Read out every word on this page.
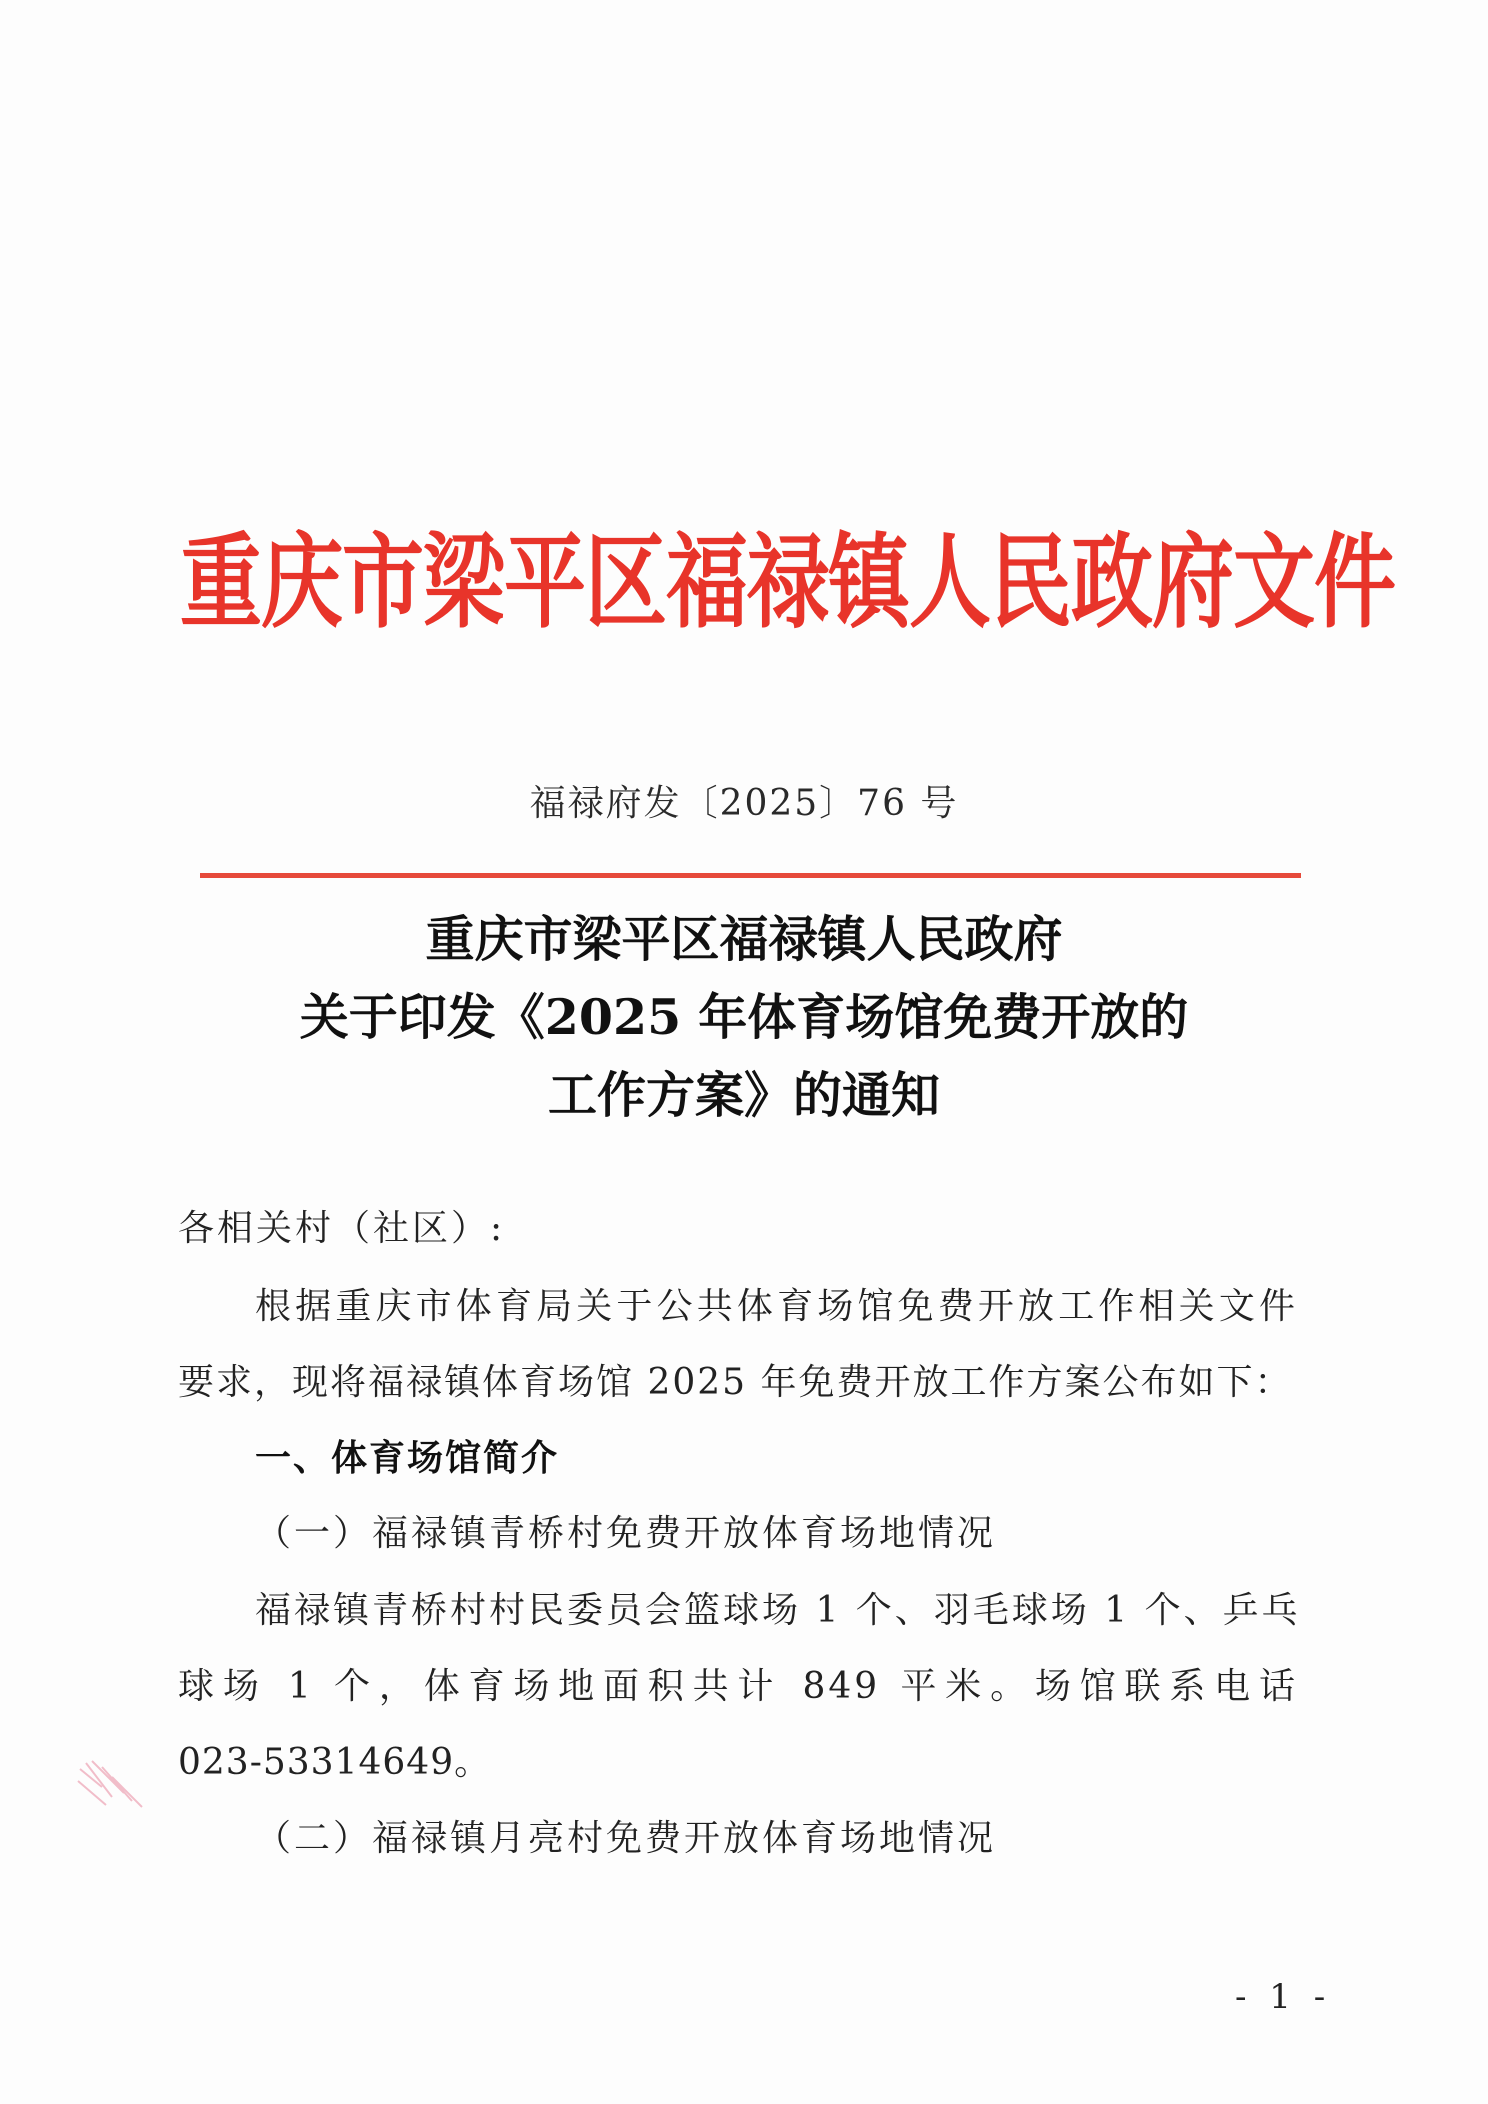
重庆市梁平区福禄镇人民政府文件
福禄府发〔2025〕76 号
重庆市梁平区福禄镇人民政府
关于印发《2025 年体育场馆免费开放的
工作方案》的通知
各相关村（社区）:
根据重庆市体育局关于公共体育场馆免费开放工作相关文件
要求，现将福禄镇体育场馆 2025 年免费开放工作方案公布如下：
一、体育场馆简介
（一）福禄镇青桥村免费开放体育场地情况
福禄镇青桥村村民委员会篮球场 1 个、羽毛球场 1 个、乒乓
球场 1 个，体育场地面积共计 849 平米。场馆联系电话
023-53314649。
（二）福禄镇月亮村免费开放体育场地情况
- 1 -
